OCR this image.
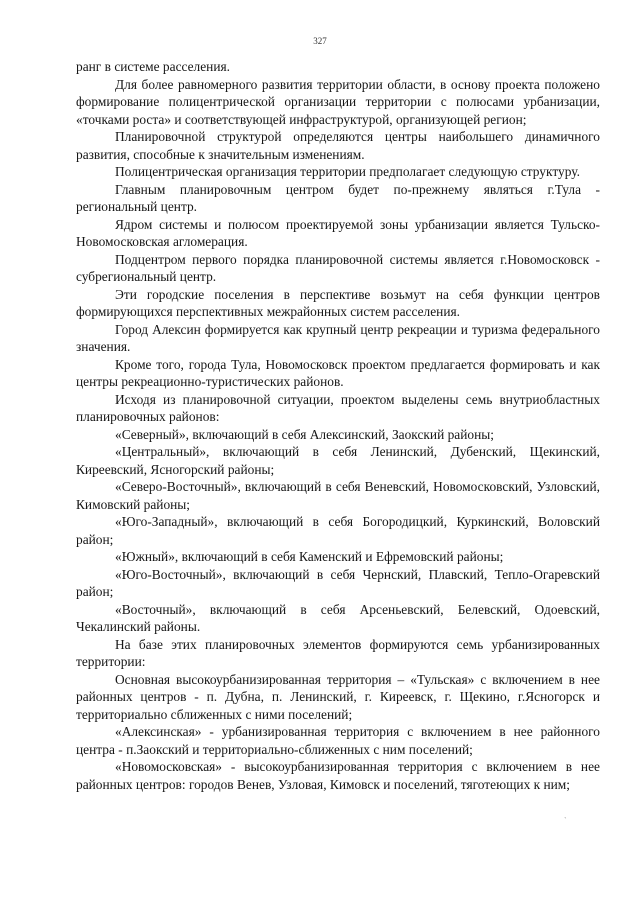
327

ранг в системе расселения.

Для более равномерного развития территории области, в основу проекта положено формирование полицентрической организации территории с полюсами урбанизации, «точками роста» и соответствующей инфраструктурой, организующей регион;

Планировочной структурой определяются центры наибольшего динамичного развития, способные к значительным изменениям.

Полицентрическая организация территории предполагает следующую структуру.

Главным планировочным центром будет по-прежнему являться г.Тула - региональный центр.

Ядром системы и полюсом проектируемой зоны урбанизации является Тульско-Новомосковская агломерация.

Подцентром первого порядка планировочной системы является г.Новомосковск - субрегиональный центр.

Эти городские поселения в перспективе возьмут на себя функции центров формирующихся перспективных межрайонных систем расселения.

Город Алексин формируется как крупный центр рекреации и туризма федерального значения.

Кроме того, города Тула, Новомосковск проектом предлагается формировать и как центры рекреационно-туристических районов.

Исходя из планировочной ситуации, проектом выделены семь внутриобластных планировочных районов:

«Северный», включающий в себя Алексинский, Заокский районы;

«Центральный», включающий в себя Ленинский, Дубенский, Щекинский, Киреевский, Ясногорский районы;

«Северо-Восточный», включающий в себя Веневский, Новомосковский, Узловский, Кимовский районы;

«Юго-Западный», включающий в себя Богородицкий, Куркинский, Воловский район;

«Южный», включающий в себя Каменский и Ефремовский районы;

«Юго-Восточный», включающий в себя Чернский, Плавский, Тепло-Огаревский район;

«Восточный», включающий в себя Арсеньевский, Белевский, Одоевский, Чекалинский районы.

На базе этих планировочных элементов формируются семь урбанизированных территории:

Основная высокоурбанизированная территория – «Тульская» с включением в нее районных центров - п. Дубна, п. Ленинский, г. Киреевск, г. Щекино, г.Ясногорск и территориально сближенных с ними поселений;

«Алексинская» - урбанизированная территория с включением в нее районного центра - п.Заокский и территориально-сближенных с ним поселений;

«Новомосковская» - высокоурбанизированная территория с включением в нее районных центров: городов Венев, Узловая, Кимовск и поселений, тяготеющих к ним;

`
